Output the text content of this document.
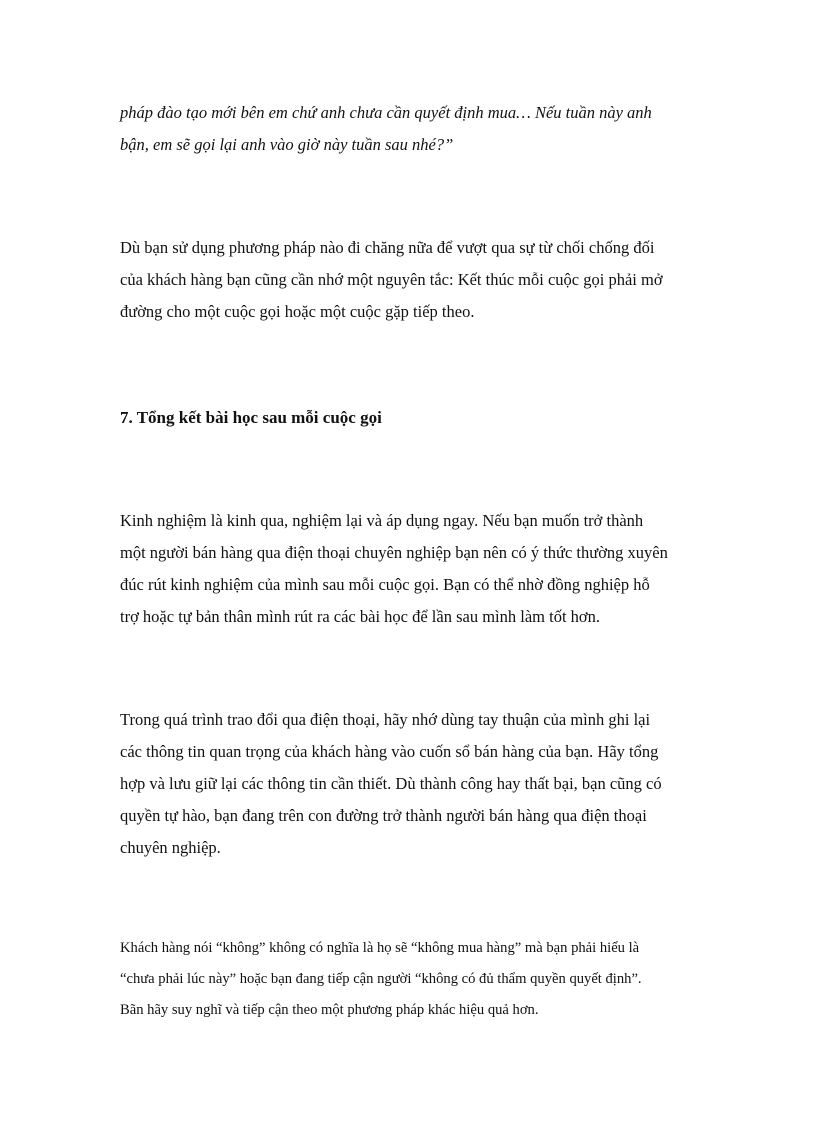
pháp đào tạo mới bên em chứ anh chưa cần quyết định mua… Nếu tuần này anh
bận, em sẽ gọi lại anh vào giờ này tuần sau nhé?”

Dù bạn sử dụng phương pháp nào đi chăng nữa để vượt qua sự từ chối chống đối
của khách hàng bạn cũng cần nhớ một nguyên tắc: Kết thúc mỗi cuộc gọi phải mở
đường cho một cuộc gọi hoặc một cuộc gặp tiếp theo.

7. Tổng kết bài học sau mỗi cuộc gọi

Kinh nghiệm là kinh qua, nghiệm lại và áp dụng ngay. Nếu bạn muốn trở thành
một người bán hàng qua điện thoại chuyên nghiệp bạn nên có ý thức thường xuyên
đúc rút kinh nghiệm của mình sau mỗi cuộc gọi. Bạn có thể nhờ đồng nghiệp hỗ
trợ hoặc tự bản thân mình rút ra các bài học để lần sau mình làm tốt hơn.

Trong quá trình trao đổi qua điện thoại, hãy nhớ dùng tay thuận của mình ghi lại
các thông tin quan trọng của khách hàng vào cuốn sổ bán hàng của bạn. Hãy tổng
hợp và lưu giữ lại các thông tin cần thiết. Dù thành công hay thất bại, bạn cũng có
quyền tự hào, bạn đang trên con đường trở thành người bán hàng qua điện thoại
chuyên nghiệp.

Khách hàng nói “không” không có nghĩa là họ sẽ “không mua hàng” mà bạn phải hiểu là
“chưa phải lúc này” hoặc bạn đang tiếp cận người “không có đủ thẩm quyền quyết định”.
Bãn hãy suy nghĩ và tiếp cận theo một phương pháp khác hiệu quả hơn.
